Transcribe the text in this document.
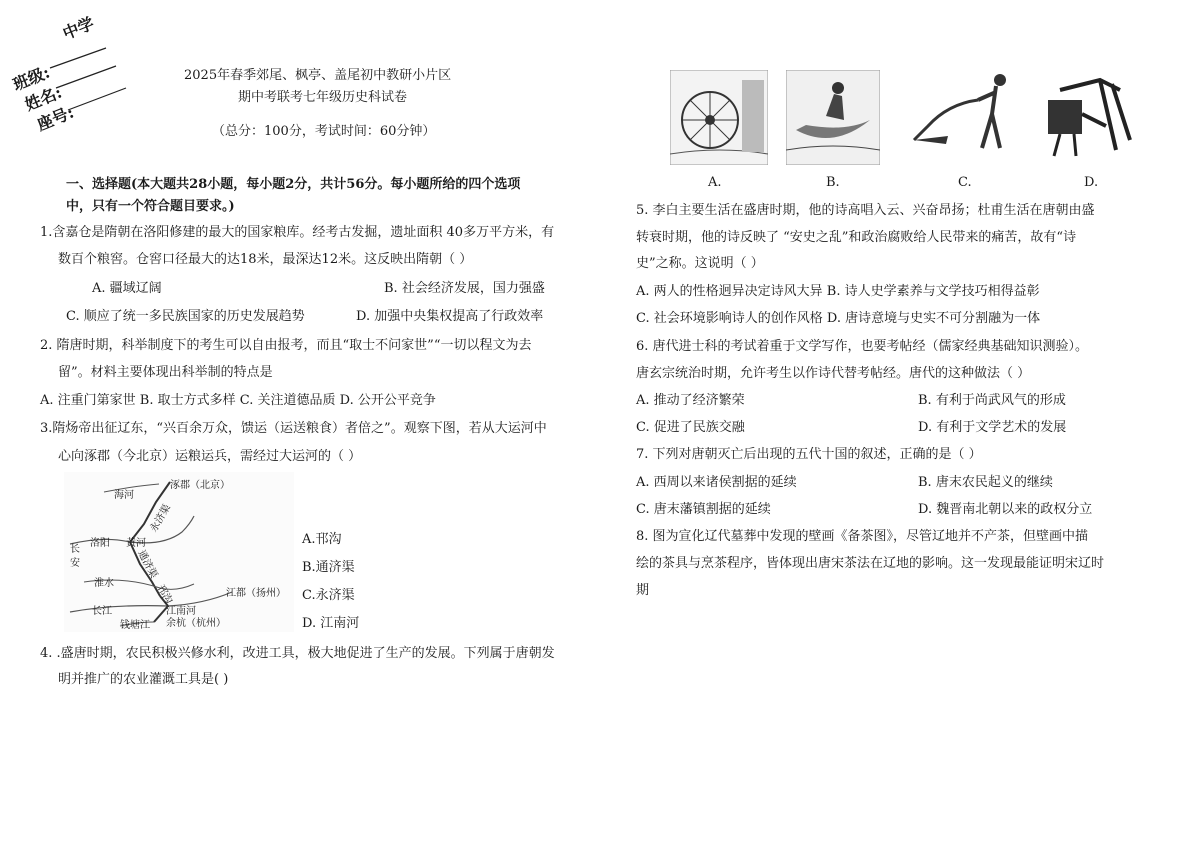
中学
班级:
姓名:
座号:
2025年春季郊尾、枫亭、盖尾初中教研小片区
期中考联考七年级历史科试卷
（总分：100分，考试时间：60分钟）
一、选择题(本大题共28小题，每小题2分，共计56分。每小题所给的四个选项
中，只有一个符合题目要求。)
1.含嘉仓是隋朝在洛阳修建的最大的国家粮库。经考古发掘，遗址面积 40多万平方米，有
数百个粮窖。仓窖口径最大的达18米，最深达12米。这反映出隋朝（ ）
A. 疆域辽阔	B. 社会经济发展，国力强盛
C. 顺应了统一多民族国家的历史发展趋势	D. 加强中央集权提高了行政效率
2. 隋唐时期，科举制度下的考生可以自由报考，而且“取士不问家世”“一切以程文为去
留”。材料主要体现出科举制的特点是
A. 注重门第家世 B. 取士方式多样 C. 关注道德品质 D. 公开公平竞争
3.隋炀帝出征辽东，“兴百余万众，馈运（运送粮食）者倍之”。观察下图，若从大运河中
心向涿郡（今北京）运粮运兵，需经过大运河的（ ）
海河
涿郡（北京）
永济渠
洛阳 黄河
长
安	通济渠
淮水	邗沟	江都（扬州）
长江	江南河
钱塘江 余杭（杭州）
A.邗沟
B.通济渠
C.永济渠
D. 江南河
4. .盛唐时期，农民积极兴修水利，改进工具，极大地促进了生产的发展。下列属于唐朝发
明并推广的农业灌溉工具是( )
A.	B.	C.	D.
5. 李白主要生活在盛唐时期，他的诗高唱入云、兴奋昂扬；杜甫生活在唐朝由盛
转衰时期，他的诗反映了 “安史之乱”和政治腐败给人民带来的痛苦，故有“诗
史”之称。这说明（ ）
A. 两人的性格迥异决定诗风大异 B. 诗人史学素养与文学技巧相得益彰
C. 社会环境影响诗人的创作风格 D. 唐诗意境与史实不可分割融为一体
6. 唐代进士科的考试着重于文学写作，也要考帖经（儒家经典基础知识测验）。
唐玄宗统治时期，允许考生以作诗代替考帖经。唐代的这种做法（ ）
A. 推动了经济繁荣	B. 有利于尚武风气的形成
C. 促进了民族交融	D. 有利于文学艺术的发展
7. 下列对唐朝灭亡后出现的五代十国的叙述，正确的是（ ）
A. 西周以来诸侯割据的延续	B. 唐末农民起义的继续
C. 唐末藩镇割据的延续	D. 魏晋南北朝以来的政权分立
8. 图为宣化辽代墓葬中发现的壁画《备茶图》，尽管辽地并不产茶，但壁画中描
绘的茶具与烹茶程序，皆体现出唐宋茶法在辽地的影响。这一发现最能证明宋辽时
期
